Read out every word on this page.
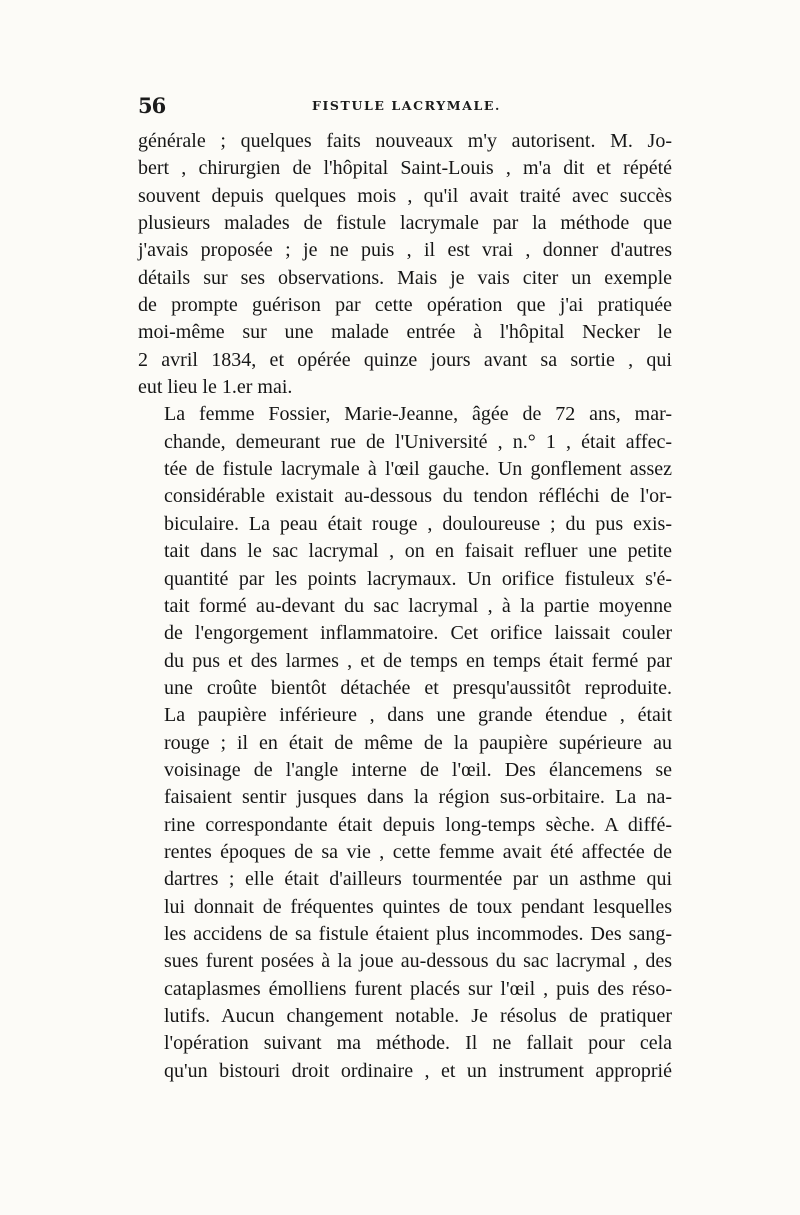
56	FISTULE LACRYMALE.
générale ; quelques faits nouveaux m'y autorisent. M. Jo-
bert , chirurgien de l'hôpital Saint-Louis , m'a dit et répété
souvent depuis quelques mois , qu'il avait traité avec succès
plusieurs malades de fistule lacrymale par la méthode que
j'avais proposée ; je ne puis , il est vrai , donner d'autres
détails sur ses observations. Mais je vais citer un exemple
de prompte guérison par cette opération que j'ai pratiquée
moi-même sur une malade entrée à l'hôpital Necker le
2 avril 1834, et opérée quinze jours avant sa sortie , qui
eut lieu le 1.er mai.
La femme Fossier, Marie-Jeanne, âgée de 72 ans, mar-
chande, demeurant rue de l'Université , n.° 1 , était affec-
tée de fistule lacrymale à l'œil gauche. Un gonflement assez
considérable existait au-dessous du tendon réfléchi de l'or-
biculaire. La peau était rouge , douloureuse ; du pus exis-
tait dans le sac lacrymal , on en faisait refluer une petite
quantité par les points lacrymaux. Un orifice fistuleux s'é-
tait formé au-devant du sac lacrymal , à la partie moyenne
de l'engorgement inflammatoire. Cet orifice laissait couler
du pus et des larmes , et de temps en temps était fermé par
une croûte bientôt détachée et presqu'aussitôt reproduite.
La paupière inférieure , dans une grande étendue , était
rouge ; il en était de même de la paupière supérieure au
voisinage de l'angle interne de l'œil. Des élancemens se
faisaient sentir jusques dans la région sus-orbitaire. La na-
rine correspondante était depuis long-temps sèche. A diffé-
rentes époques de sa vie , cette femme avait été affectée de
dartres ; elle était d'ailleurs tourmentée par un asthme qui
lui donnait de fréquentes quintes de toux pendant lesquelles
les accidens de sa fistule étaient plus incommodes. Des sang-
sues furent posées à la joue au-dessous du sac lacrymal , des
cataplasmes émolliens furent placés sur l'œil , puis des réso-
lutifs. Aucun changement notable. Je résolus de pratiquer
l'opération suivant ma méthode. Il ne fallait pour cela
qu'un bistouri droit ordinaire , et un instrument approprié
